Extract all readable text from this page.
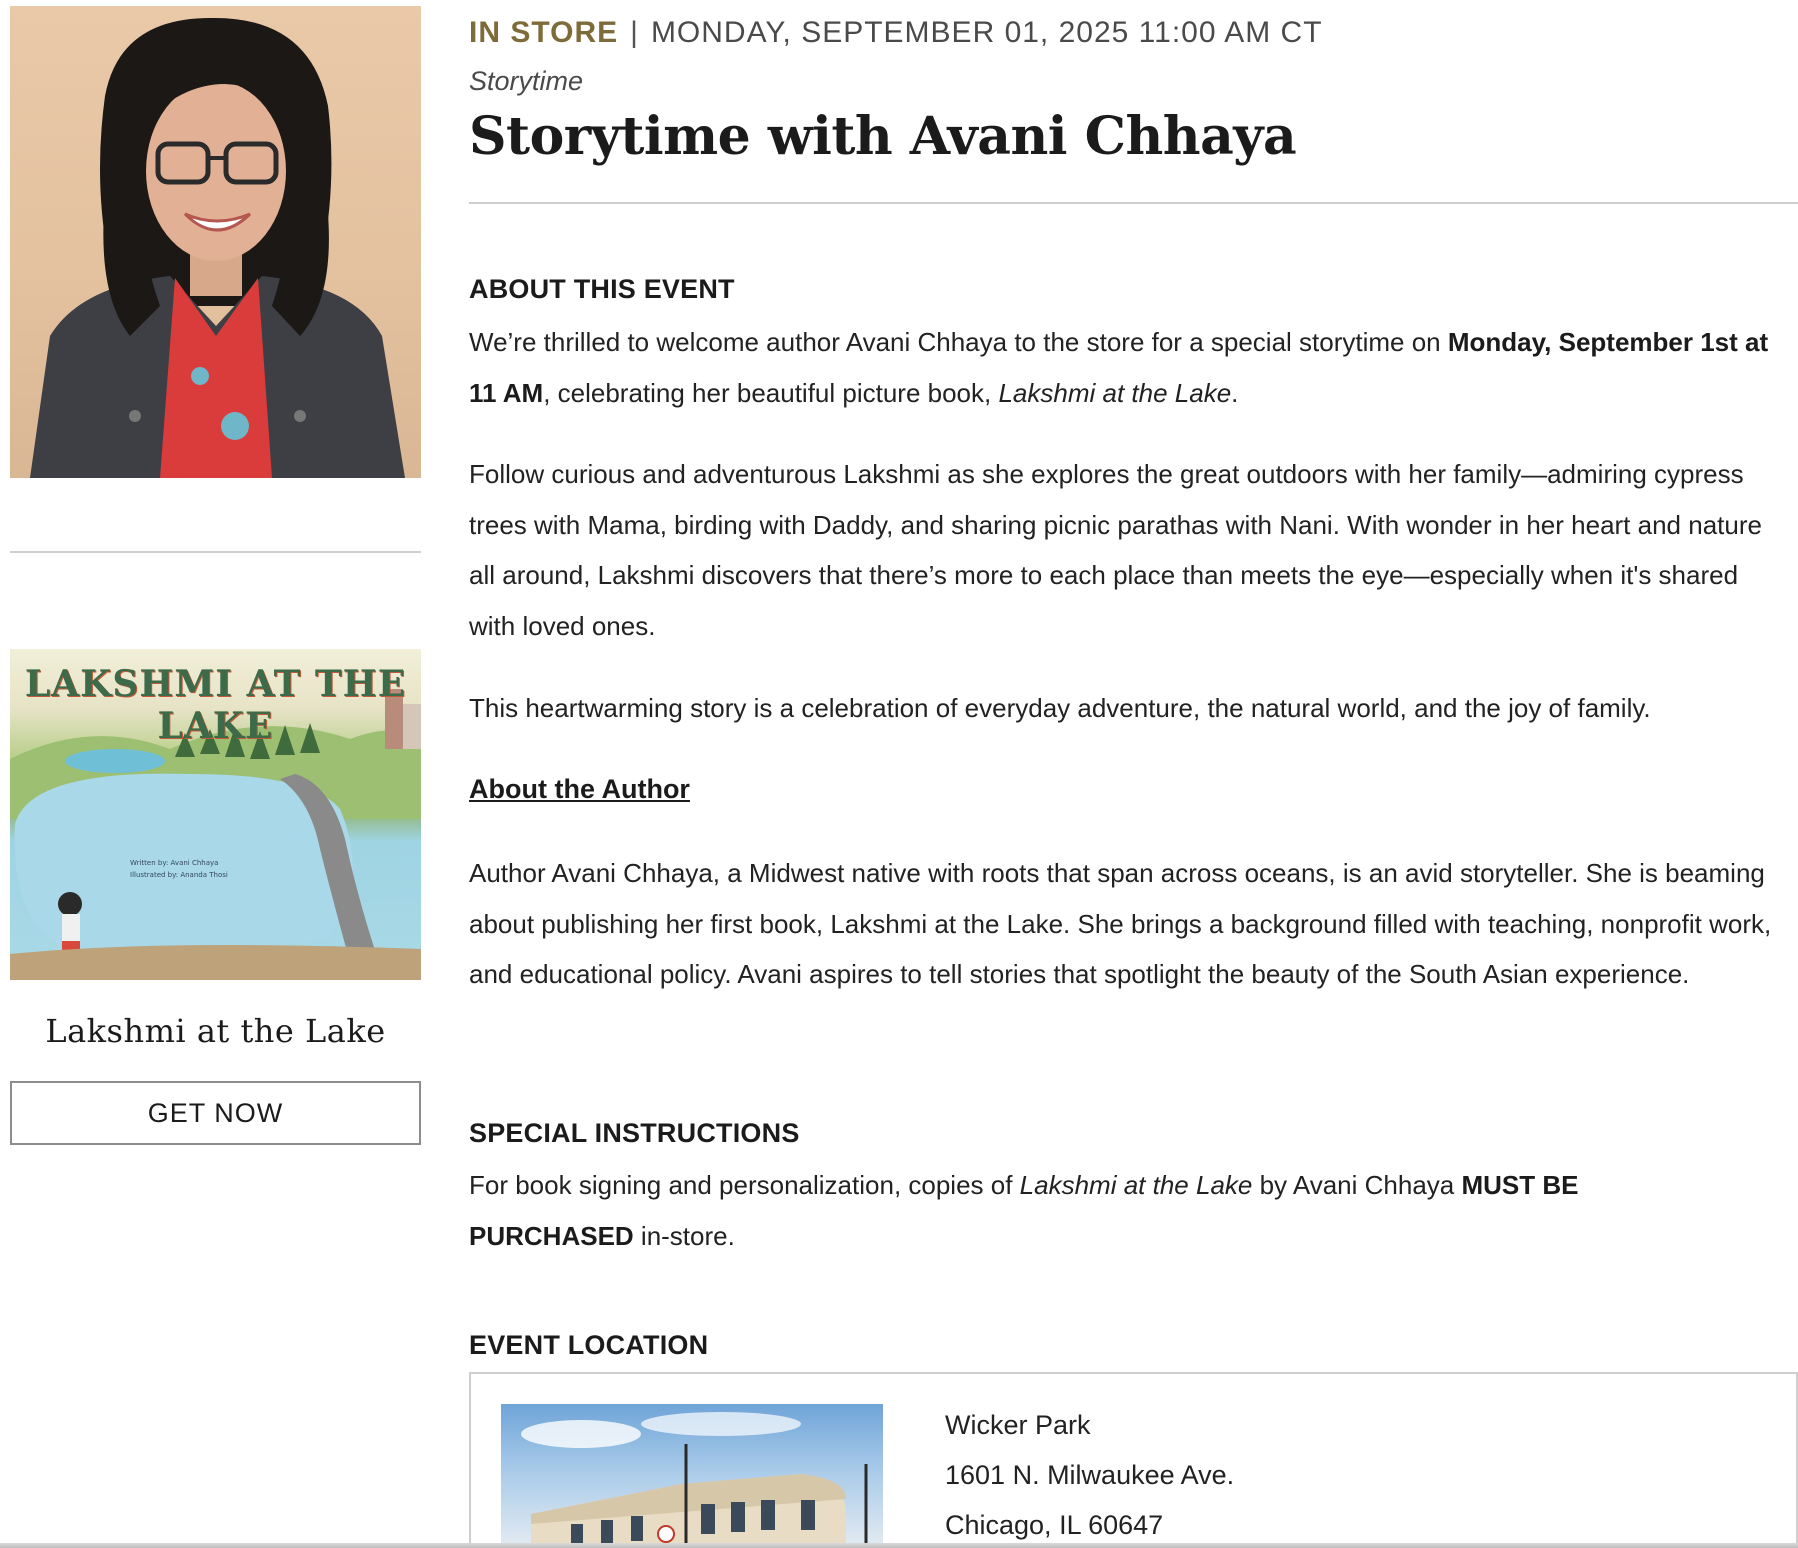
LAKSHMI AT THE LAKE
Written by: Avani Chhaya
Illustrated by: Ananda Thosi
Lakshmi at the Lake
GET NOW
IN STORE | MONDAY, SEPTEMBER 01, 2025 11:00 AM CT
Storytime
Storytime with Avani Chhaya
ABOUT THIS EVENT

We’re thrilled to welcome author Avani Chhaya to the store for a special storytime on Monday, September 1st at 11 AM, celebrating her beautiful picture book, Lakshmi at the Lake.

Follow curious and adventurous Lakshmi as she explores the great outdoors with her family—admiring cypress trees with Mama, birding with Daddy, and sharing picnic parathas with Nani. With wonder in her heart and nature all around, Lakshmi discovers that there’s more to each place than meets the eye—especially when it's shared with loved ones.

This heartwarming story is a celebration of everyday adventure, the natural world, and the joy of family.

About the Author

Author Avani Chhaya, a Midwest native with roots that span across oceans, is an avid storyteller. She is beaming about publishing her first book, Lakshmi at the Lake. She brings a background filled with teaching, nonprofit work, and educational policy. Avani aspires to tell stories that spotlight the beauty of the South Asian experience.

SPECIAL INSTRUCTIONS

For book signing and personalization, copies of Lakshmi at the Lake by Avani Chhaya MUST BE PURCHASED in-store.

EVENT LOCATION
Wicker Park
1601 N. Milwaukee Ave.
Chicago, IL 60647
